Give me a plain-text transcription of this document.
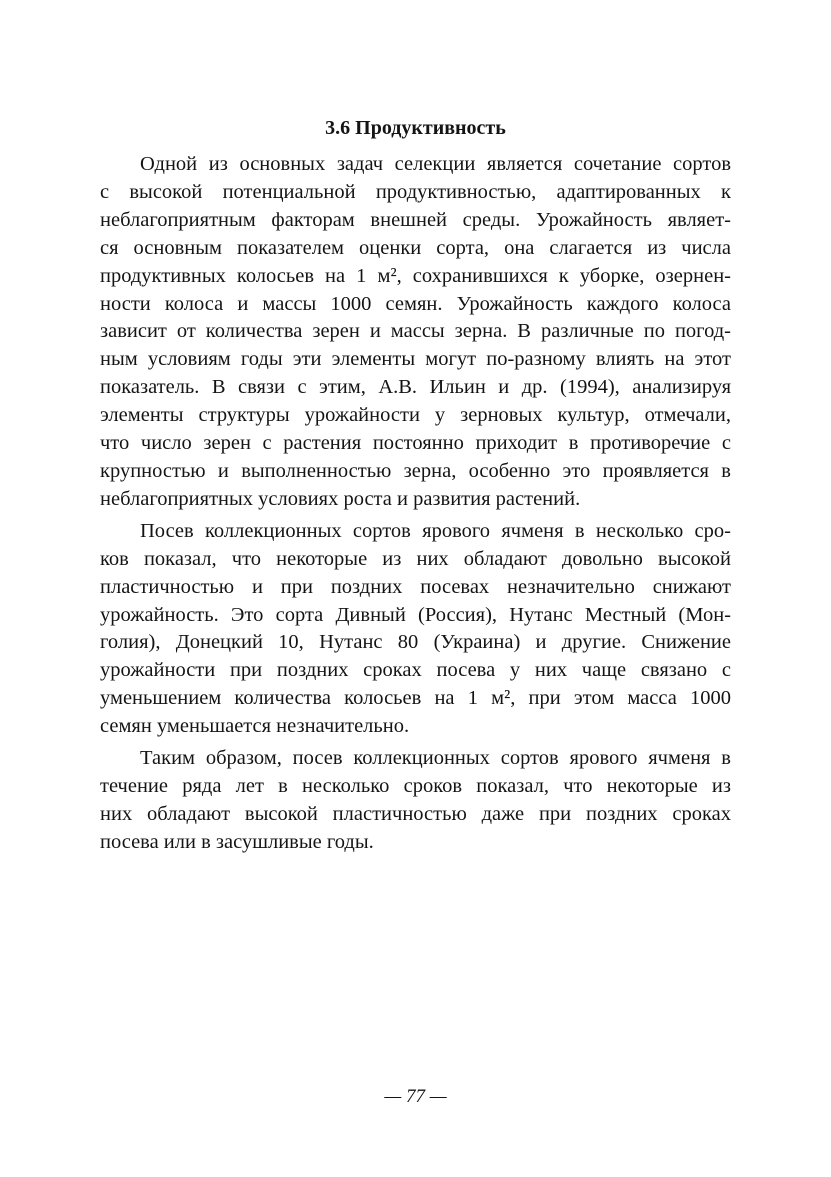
3.6 Продуктивность

Одной из основных задач селекции является сочетание сортов
с высокой потенциальной продуктивностью, адаптированных к
неблагоприятным факторам внешней среды. Урожайность являет-
ся основным показателем оценки сорта, она слагается из числа
продуктивных колосьев на 1 м², сохранившихся к уборке, озернен-
ности колоса и массы 1000 семян. Урожайность каждого колоса
зависит от количества зерен и массы зерна. В различные по погод-
ным условиям годы эти элементы могут по-разному влиять на этот
показатель. В связи с этим, А.В. Ильин и др. (1994), анализируя
элементы структуры урожайности у зерновых культур, отмечали,
что число зерен с растения постоянно приходит в противоречие с
крупностью и выполненностью зерна, особенно это проявляется в
неблагоприятных условиях роста и развития растений.

Посев коллекционных сортов ярового ячменя в несколько сро-
ков показал, что некоторые из них обладают довольно высокой
пластичностью и при поздних посевах незначительно снижают
урожайность. Это сорта Дивный (Россия), Нутанс Местный (Мон-
голия), Донецкий 10, Нутанс 80 (Украина) и другие. Снижение
урожайности при поздних сроках посева у них чаще связано с
уменьшением количества колосьев на 1 м², при этом масса 1000
семян уменьшается незначительно.

Таким образом, посев коллекционных сортов ярового ячменя в
течение ряда лет в несколько сроков показал, что некоторые из
них обладают высокой пластичностью даже при поздних сроках
посева или в засушливые годы.

— 77 —
